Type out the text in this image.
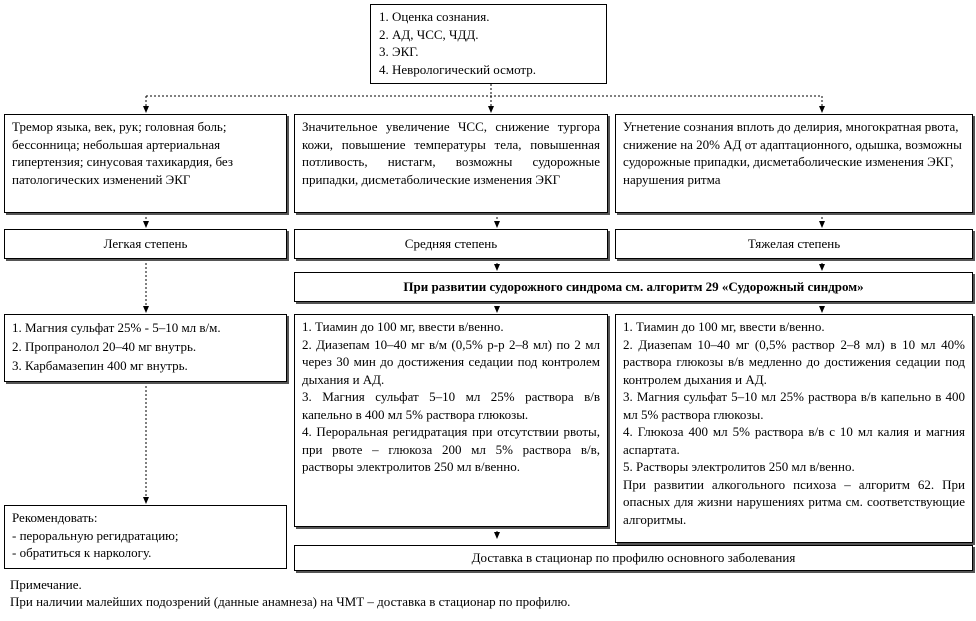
1. Оценка сознания.
2. АД, ЧСС, ЧДД.
3. ЭКГ.
4. Неврологический осмотр.
Тремор языка, век, рук; головная боль; бессонница; небольшая артериальная гипертензия; синусовая тахикардия, без патологических изменений ЭКГ
Значительное увеличение ЧСС, снижение тургора кожи, повышение температуры тела, повышенная потливость, нистагм, возможны судорожные припадки, дисметаболические изменения ЭКГ
Угнетение сознания вплоть до делирия, многократная рвота, снижение на 20% АД от адаптационного, одышка, возможны судорожные припадки, дисметаболические изменения ЭКГ, нарушения ритма
Легкая степень	Средняя степень	Тяжелая степень
При развитии судорожного синдрома см. алгоритм 29 «Судорожный синдром»
1. Магния сульфат 25% - 5–10 мл в/м.
2. Пропранолол 20–40 мг внутрь.
3. Карбамазепин 400 мг внутрь.
1. Тиамин до 100 мг, ввести в/венно.
2. Диазепам 10–40 мг в/м (0,5% р-р 2–8 мл) по 2 мл через 30 мин до достижения седации под контролем дыхания и АД.
3. Магния сульфат 5–10 мл 25% раствора в/в капельно в 400 мл 5% раствора глюкозы.
4. Пероральная регидратация при отсутствии рвоты, при рвоте – глюкоза 200 мл 5% раствора в/в, растворы электролитов 250 мл в/венно.
1. Тиамин до 100 мг, ввести в/венно.
2. Диазепам 10–40 мг (0,5% раствор 2–8 мл) в 10 мл 40% раствора глюкозы в/в медленно до достижения седации под контролем дыхания и АД.
3. Магния сульфат 5–10 мл 25% раствора в/в капельно в 400 мл 5% раствора глюкозы.
4. Глюкоза 400 мл 5% раствора в/в с 10 мл калия и магния аспартата.
5. Растворы электролитов 250 мл в/венно.
При развитии алкогольного психоза – алгоритм 62. При опасных для жизни нарушениях ритма см. соответствующие алгоритмы.
Рекомендовать:
- пероральную регидратацию;
- обратиться к наркологу.	Доставка в стационар по профилю основного заболевания
Примечание.
При наличии малейших подозрений (данные анамнеза) на ЧМТ – доставка в стационар по профилю.
